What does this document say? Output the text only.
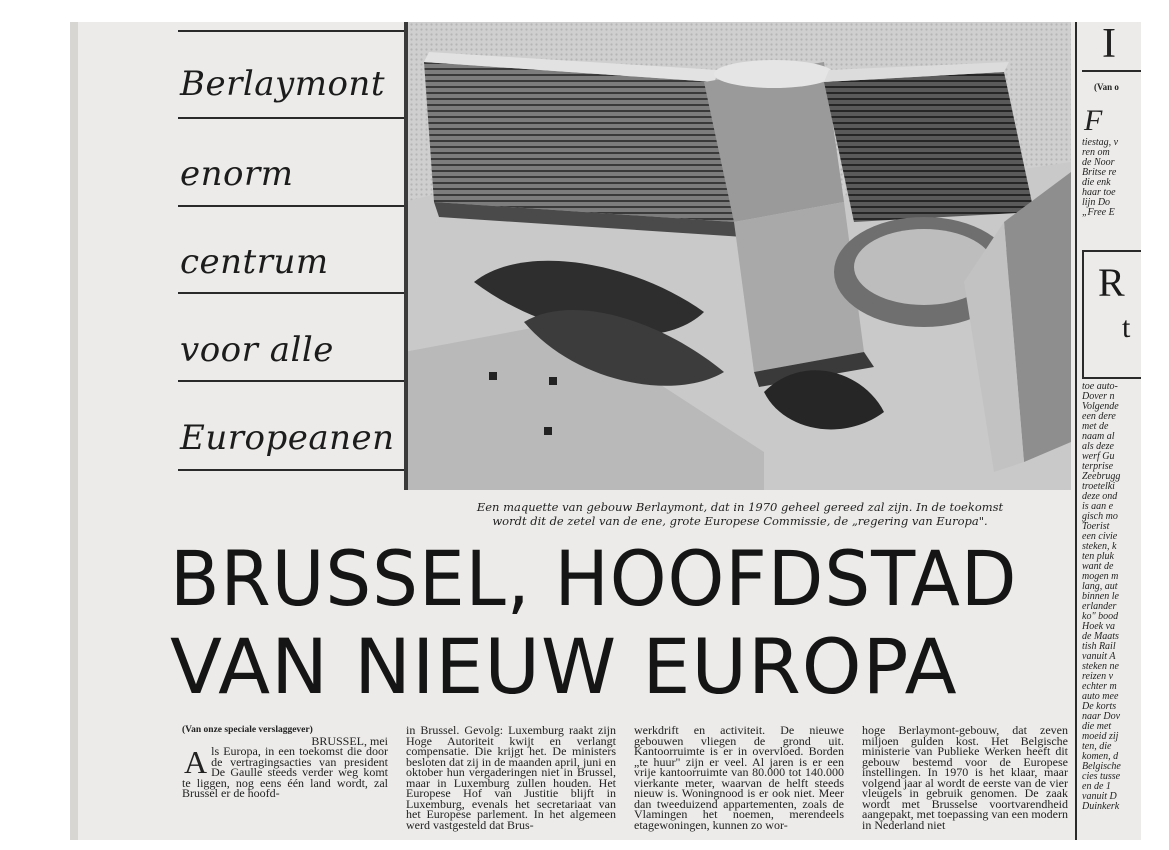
Berlaymont
enorm
centrum
voor alle
Europeanen
Een maquette van gebouw Berlaymont, dat in 1970 geheel gereed zal zijn. In de toekomst
wordt dit de zetel van de ene, grote Europese Commissie, de „regering van Europa".
BRUSSEL, HOOFDSTAD
VAN NIEUW EUROPA

(Van onze speciale verslaggever)

BRUSSEL, mei

Als Europa, in een toekomst die door de vertragingsacties van president De Gaulle steeds verder weg komt te liggen, nog eens één land wordt, zal Brussel er de hoofd-

in Brussel. Gevolg: Luxemburg raakt zijn Hoge Autoriteit kwijt en verlangt compensatie. Die krijgt het. De ministers besloten dat zij in de maanden april, juni en oktober hun vergaderingen niet in Brussel, maar in Luxemburg zullen houden. Het Europese Hof van Justitie blijft in Luxemburg, evenals het secretariaat van het Europese parlement. In het algemeen werd vastgesteld dat Brus-

werkdrift en activiteit. De nieuwe gebouwen vliegen de grond uit. Kantoorruimte is er in overvloed. Borden „te huur" zijn er veel. Al jaren is er een vrije kantoorruimte van 80.000 tot 140.000 vierkante meter, waarvan de helft steeds nieuw is. Woningnood is er ook niet. Meer dan tweeduizend appartementen, zoals de Vlamingen het noemen, merendeels etagewoningen, kunnen zo wor-

hoge Berlaymont-gebouw, dat zeven miljoen gulden kost. Het Belgische ministerie van Publieke Werken heeft dit gebouw bestemd voor de Europese instellingen. In 1970 is het klaar, maar volgend jaar al wordt de eerste van de vier vleugels in gebruik genomen. De zaak wordt met Brusselse voortvarendheid aangepakt, met toepassing van een modern in Nederland niet

I
(Van o
F
tiestag, v
ren om
de Noor
Britse re
die enk
haar toe
lijn Do
„Free E
R
t
toe auto-
Dover n
Volgende
een dere
met de
naam al
als deze
werf Gu
terprise
Zeebrugg
troetelki
deze ond
is aan e
gisch mo
Toerist
een civie
steken, k
ten pluk
want de
mogen m
lang, aut
binnen le
erlander
ko" bood
Hoek va
de Maats
tish Rail
vanuit A
steken ne
reizen v
echter m
auto mee
De korts
naar Dov
die met
moeid zij
ten, die
komen, d
Belgische
cies tusse
en de 1
vanuit D
Duinkerk
